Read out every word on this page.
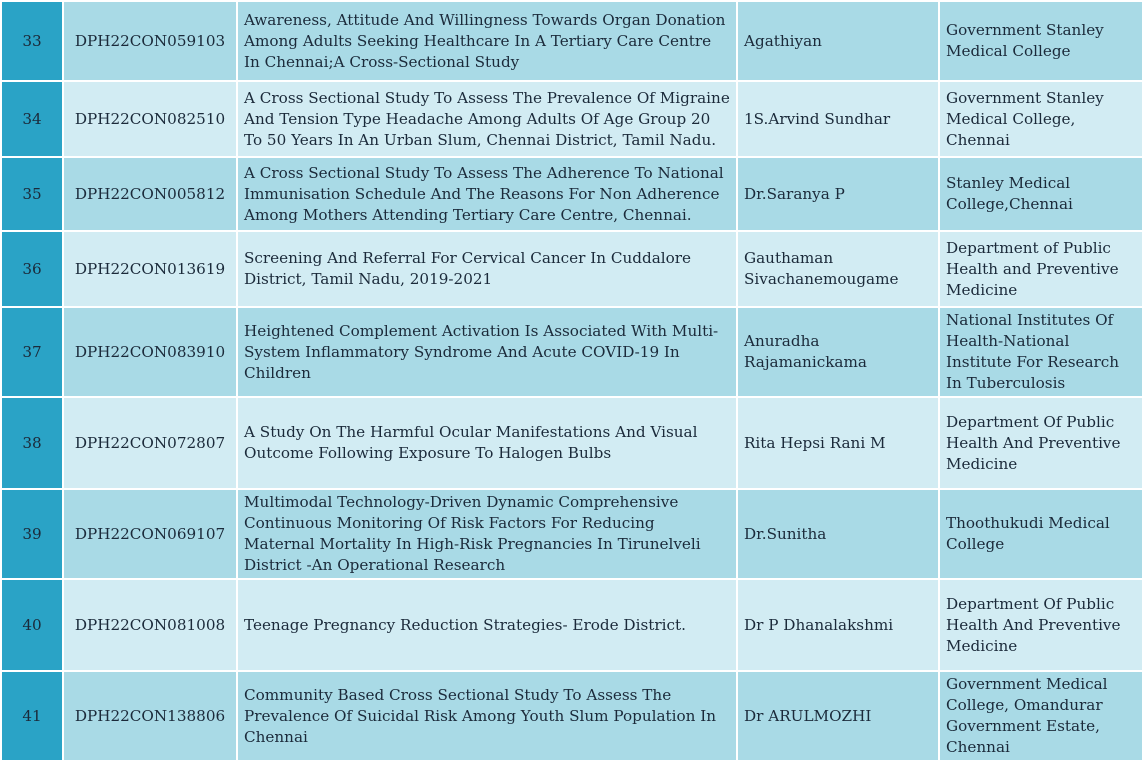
33	DPH22CON059103	Awareness, Attitude And Willingness Towards Organ Donation Among Adults Seeking Healthcare In A Tertiary Care Centre In Chennai;A Cross-Sectional Study	Agathiyan	Government Stanley Medical College
34	DPH22CON082510	A Cross Sectional Study To Assess The Prevalence Of Migraine And Tension Type Headache Among Adults Of Age Group 20 To 50 Years In An Urban Slum, Chennai District, Tamil Nadu.	1S.Arvind Sundhar	Government Stanley Medical College, Chennai
35	DPH22CON005812	A Cross Sectional Study To Assess The Adherence To National Immunisation Schedule And The Reasons For Non Adherence Among Mothers Attending Tertiary Care Centre, Chennai.	Dr.Saranya P	Stanley Medical College,Chennai
36	DPH22CON013619	Screening And Referral For Cervical Cancer In Cuddalore District, Tamil Nadu, 2019-2021	Gauthaman Sivachanemougame	Department of Public Health and Preventive Medicine
37	DPH22CON083910	Heightened Complement Activation Is Associated With Multi-System Inflammatory Syndrome And Acute COVID-19 In Children	Anuradha Rajamanickama	National Institutes Of Health-National Institute For Research In Tuberculosis
38	DPH22CON072807	A Study On The Harmful Ocular Manifestations And Visual Outcome Following Exposure To Halogen Bulbs	Rita Hepsi Rani M	Department Of Public Health And Preventive Medicine
39	DPH22CON069107	Multimodal Technology-Driven Dynamic Comprehensive Continuous Monitoring Of Risk Factors For Reducing Maternal Mortality In High-Risk Pregnancies In Tirunelveli District -An Operational Research	Dr.Sunitha	Thoothukudi Medical College
40	DPH22CON081008	Teenage Pregnancy Reduction Strategies- Erode District.	Dr P Dhanalakshmi	Department Of Public Health And Preventive Medicine
41	DPH22CON138806	Community Based Cross Sectional Study To Assess The Prevalence Of Suicidal Risk Among Youth Slum Population In Chennai	Dr ARULMOZHI	Government Medical College, Omandurar Government Estate, Chennai
